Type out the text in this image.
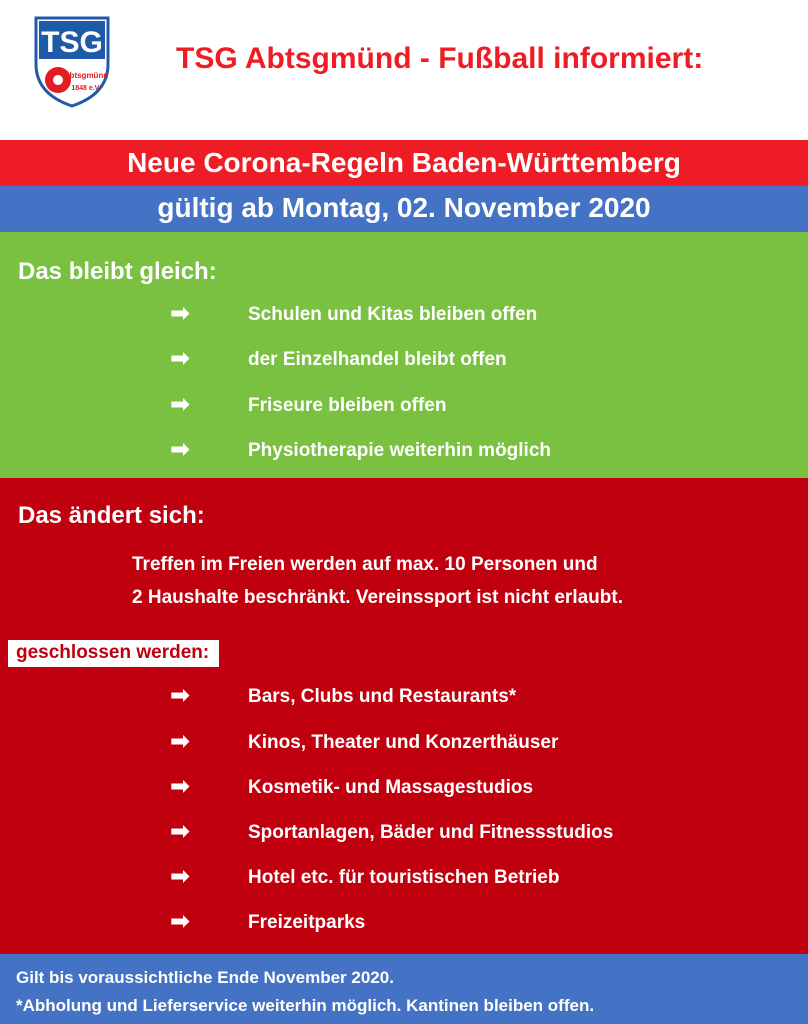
TSG
Abtsgmünd
1848 e.V.
TSG Abtsgmünd - Fußball informiert:
Neue Corona-Regeln Baden-Württemberg
gültig ab Montag, 02. November 2020
Das bleibt gleich:
➡	Schulen und Kitas bleiben offen
➡	der Einzelhandel bleibt offen
➡	Friseure bleiben offen
➡	Physiotherapie weiterhin möglich
Das ändert sich:
Treffen im Freien werden auf max. 10 Personen und
2 Haushalte beschränkt. Vereinssport ist nicht erlaubt.
geschlossen werden:
➡	Bars, Clubs und Restaurants*
➡	Kinos, Theater und Konzerthäuser
➡	Kosmetik- und Massagestudios
➡	Sportanlagen, Bäder und Fitnessstudios
➡	Hotel etc. für touristischen Betrieb
➡	Freizeitparks
Gilt bis voraussichtliche Ende November 2020.
*Abholung und Lieferservice weiterhin möglich. Kantinen bleiben offen.
